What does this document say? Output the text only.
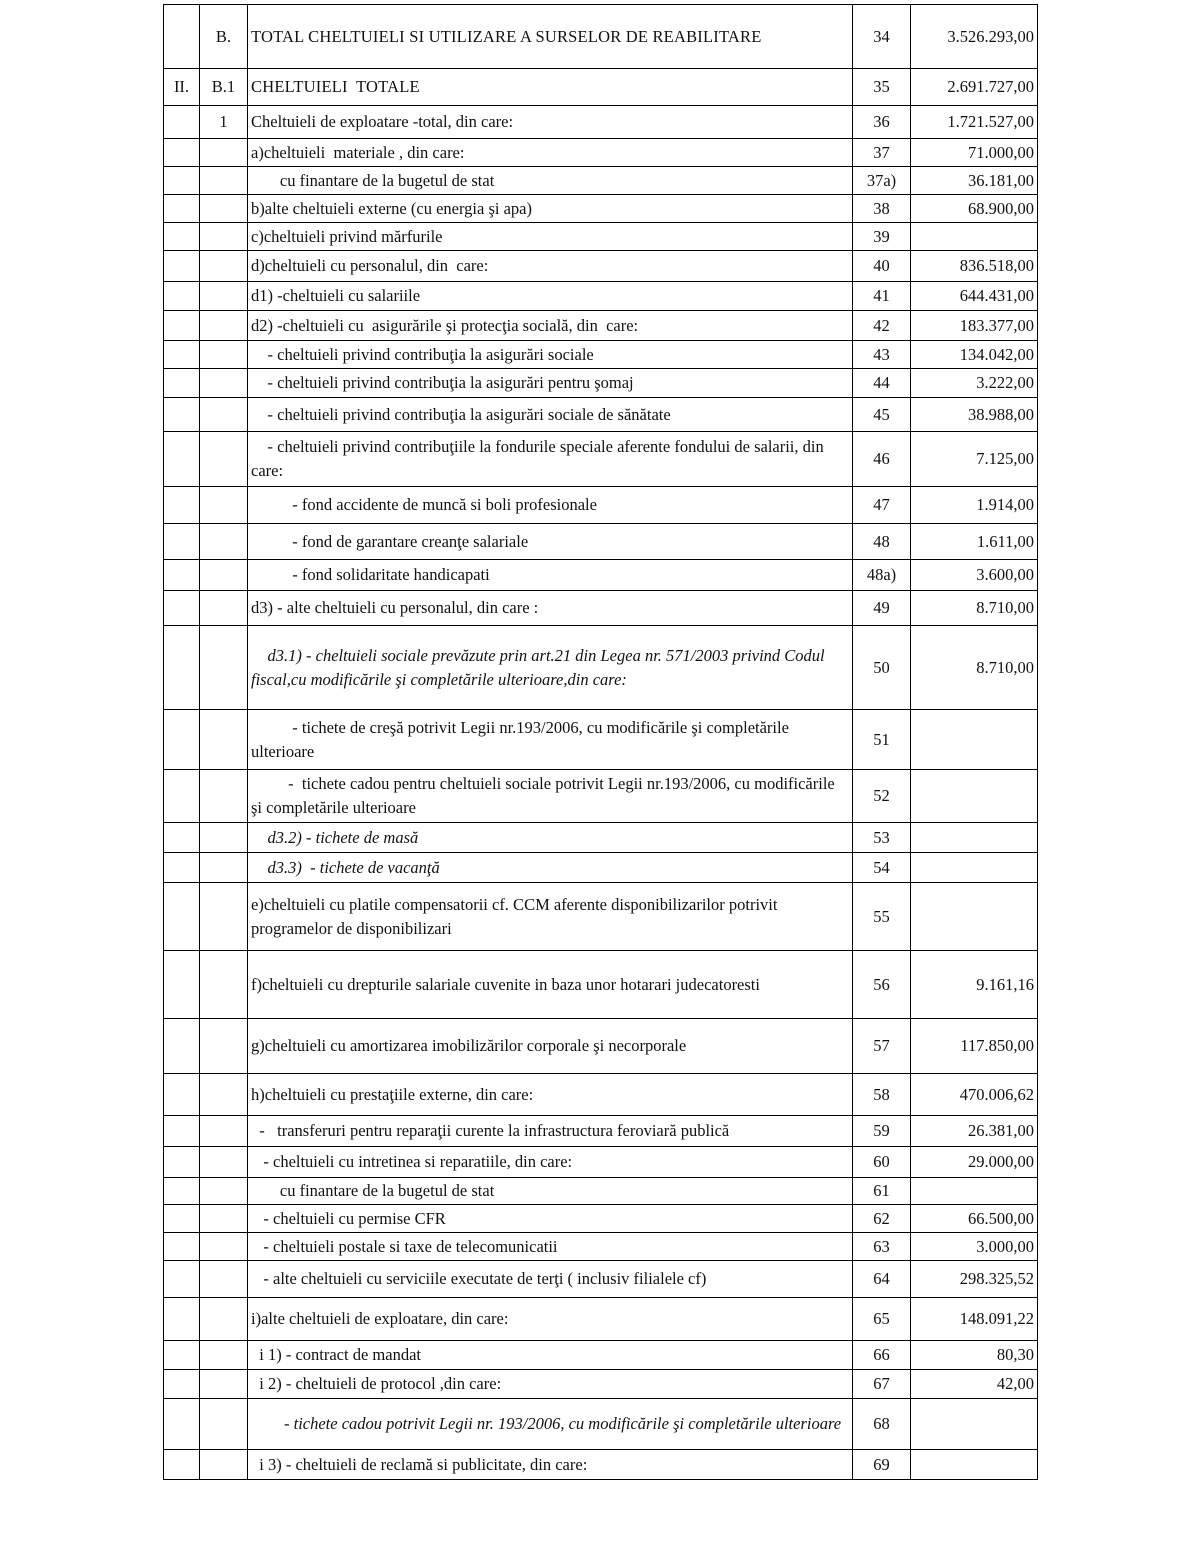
	B.	TOTAL CHELTUIELI SI UTILIZARE A SURSELOR DE REABILITARE	34	3.526.293,00
II.	B.1	CHELTUIELI  TOTALE	35	2.691.727,00
	1	Cheltuieli de exploatare -total, din care:	36	1.721.527,00
		a)cheltuieli  materiale , din care:	37	71.000,00
		cu finantare de la bugetul de stat	37a)	36.181,00
		b)alte cheltuieli externe (cu energia şi apa)	38	68.900,00
		c)cheltuieli privind mărfurile	39	
		d)cheltuieli cu personalul, din  care:	40	836.518,00
		d1) -cheltuieli cu salariile	41	644.431,00
		d2) -cheltuieli cu  asigurările şi protecţia socială, din  care:	42	183.377,00
		- cheltuieli privind contribuţia la asigurări sociale	43	134.042,00
		- cheltuieli privind contribuţia la asigurări pentru şomaj	44	3.222,00
		- cheltuieli privind contribuţia la asigurări sociale de sănătate	45	38.988,00
		- cheltuieli privind contribuţiile la fondurile speciale aferente fondului de salarii, din care:	46	7.125,00
		- fond accidente de muncă si boli profesionale	47	1.914,00
		- fond de garantare creanţe salariale	48	1.611,00
		- fond solidaritate handicapati	48a)	3.600,00
		d3) - alte cheltuieli cu personalul, din care :	49	8.710,00
		d3.1) - cheltuieli sociale prevăzute prin art.21 din Legea nr. 571/2003 privind Codul fiscal,cu modificările şi completările ulterioare,din care:	50	8.710,00
		- tichete de creşă potrivit Legii nr.193/2006, cu modificările şi completările ulterioare	51	
		-  tichete cadou pentru cheltuieli sociale potrivit Legii nr.193/2006, cu modificările şi completările ulterioare	52	
		d3.2) - tichete de masă	53	
		d3.3)  - tichete de vacanţă	54	
		e)cheltuieli cu platile compensatorii cf. CCM aferente disponibilizarilor potrivit programelor de disponibilizari	55	
		f)cheltuieli cu drepturile salariale cuvenite in baza unor hotarari judecatoresti	56	9.161,16
		g)cheltuieli cu amortizarea imobilizărilor corporale şi necorporale	57	117.850,00
		h)cheltuieli cu prestaţiile externe, din care:	58	470.006,62
		-   transferuri pentru reparaţii curente la infrastructura feroviară publică	59	26.381,00
		- cheltuieli cu intretinea si reparatiile, din care:	60	29.000,00
		cu finantare de la bugetul de stat	61	
		- cheltuieli cu permise CFR	62	66.500,00
		- cheltuieli postale si taxe de telecomunicatii	63	3.000,00
		- alte cheltuieli cu serviciile executate de terţi ( inclusiv filialele cf)	64	298.325,52
		i)alte cheltuieli de exploatare, din care:	65	148.091,22
		i 1) - contract de mandat	66	80,30
		i 2) - cheltuieli de protocol ,din care:	67	42,00
		- tichete cadou potrivit Legii nr. 193/2006, cu modificările şi completările ulterioare	68	
		i 3) - cheltuieli de reclamă si publicitate, din care:	69	
